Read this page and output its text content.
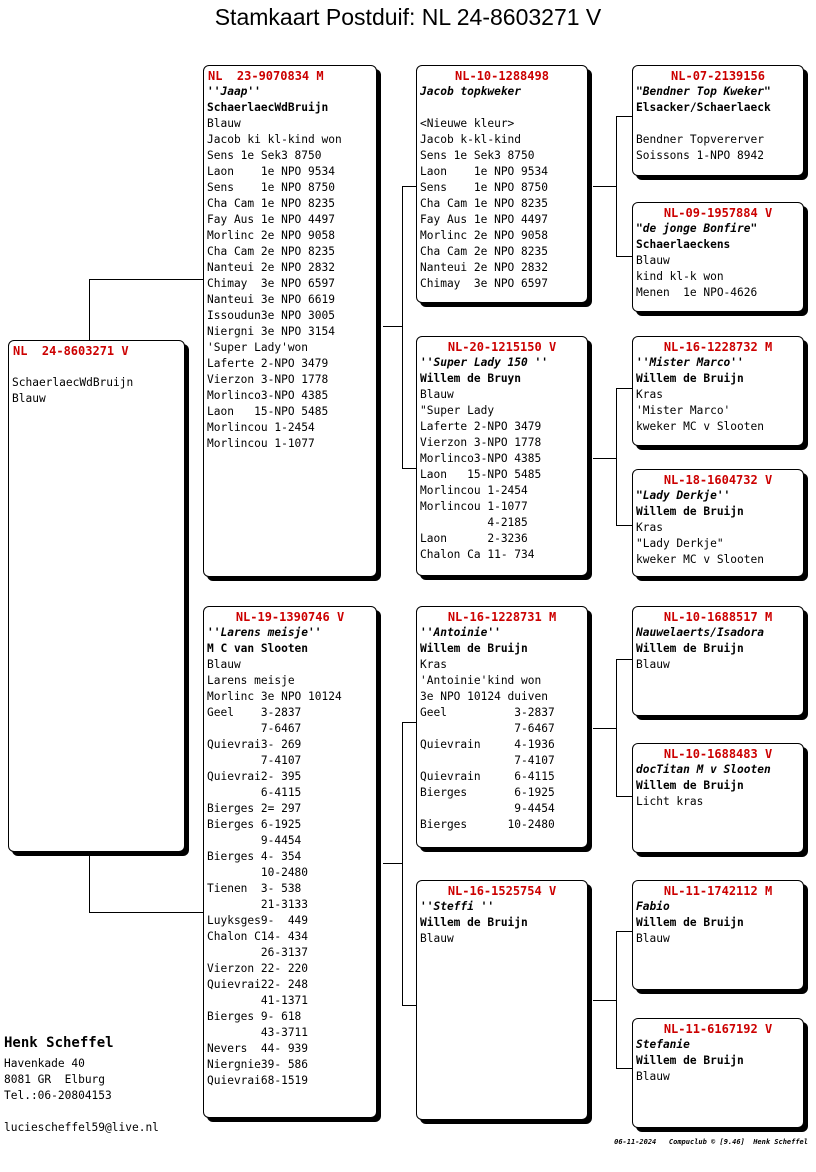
Stamkaart Postduif: NL 24-8603271 V
NL  24-8603271 V
SchaerlaecWdBruijn
Blauw
NL  23-9070834 M
''Jaap''
SchaerlaecWdBruijn
Blauw
Jacob ki kl-kind won
Sens 1e Sek3 8750
Laon    1e NPO 9534
Sens    1e NPO 8750
Cha Cam 1e NPO 8235
Fay Aus 1e NPO 4497
Morlinc 2e NPO 9058
Cha Cam 2e NPO 8235
Nanteui 2e NPO 2832
Chimay  3e NPO 6597
Nanteui 3e NPO 6619
Issoudun3e NPO 3005
Niergni 3e NPO 3154
'Super Lady'won
Laferte 2-NPO 3479
Vierzon 3-NPO 1778
Morlinco3-NPO 4385
Laon   15-NPO 5485
Morlincou 1-2454
Morlincou 1-1077
NL-19-1390746 V
''Larens meisje''
M C van Slooten
Blauw
Larens meisje
Morlinc 3e NPO 10124
Geel    3-2837
7-6467
Quievrai3- 269
7-4107
Quievrai2- 395
6-4115
Bierges 2= 297
Bierges 6-1925
9-4454
Bierges 4- 354
10-2480
Tienen  3- 538
21-3133
Luyksges9-  449
Chalon C14- 434
26-3137
Vierzon 22- 220
Quievrai22- 248
41-1371
Bierges 9- 618
43-3711
Nevers  44- 939
Niergnie39- 586
Quievrai68-1519
NL-10-1288498
Jacob topkweker
<Nieuwe kleur>
Jacob k-kl-kind
Sens 1e Sek3 8750
Laon    1e NPO 9534
Sens    1e NPO 8750
Cha Cam 1e NPO 8235
Fay Aus 1e NPO 4497
Morlinc 2e NPO 9058
Cha Cam 2e NPO 8235
Nanteui 2e NPO 2832
Chimay  3e NPO 6597
NL-20-1215150 V
''Super Lady 150 ''
Willem de Bruyn
Blauw
"Super Lady
Laferte 2-NPO 3479
Vierzon 3-NPO 1778
Morlinco3-NPO 4385
Laon   15-NPO 5485
Morlincou 1-2454
Morlincou 1-1077
4-2185
Laon      2-3236
Chalon Ca 11- 734
NL-16-1228731 M
''Antoinie''
Willem de Bruijn
Kras
'Antoinie'kind won
3e NPO 10124 duiven
Geel          3-2837
7-6467
Quievrain     4-1936
7-4107
Quievrain     6-4115
Bierges       6-1925
9-4454
Bierges      10-2480
NL-16-1525754 V
''Steffi ''
Willem de Bruijn
Blauw
NL-07-2139156
"Bendner Top Kweker"
Elsacker/Schaerlaeck
Bendner Topvererver
Soissons 1-NPO 8942
NL-09-1957884 V
"de jonge Bonfire"
Schaerlaeckens
Blauw
kind kl-k won
Menen  1e NPO-4626
NL-16-1228732 M
''Mister Marco''
Willem de Bruijn
Kras
'Mister Marco'
kweker MC v Slooten
NL-18-1604732 V
"Lady Derkje''
Willem de Bruijn
Kras
"Lady Derkje"
kweker MC v Slooten
NL-10-1688517 M
Nauwelaerts/Isadora
Willem de Bruijn
Blauw
NL-10-1688483 V
docTitan M v Slooten
Willem de Bruijn
Licht kras
NL-11-1742112 M
Fabio
Willem de Bruijn
Blauw
NL-11-6167192 V
Stefanie
Willem de Bruijn
Blauw
Henk Scheffel
Havenkade 40
8081 GR  Elburg
Tel.:06-20804153
luciescheffel59@live.nl
06-11-2024   Compuclub © [9.46]  Henk Scheffel
